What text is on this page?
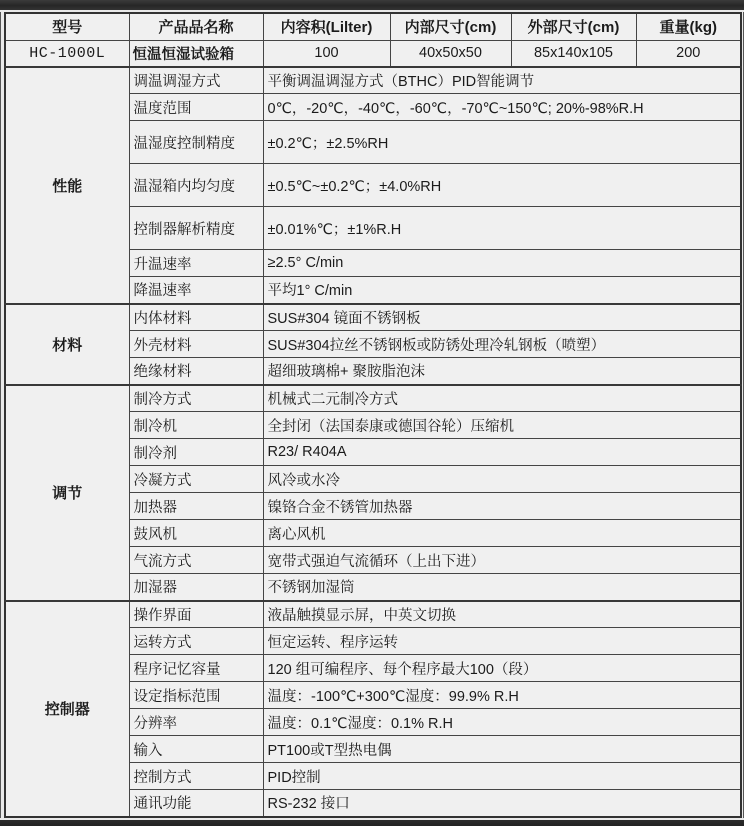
型号	产品品名称	内容积(Lilter)	内部尺寸(cm)	外部尺寸(cm)	重量(kg)
HC-1000L	恒温恒湿试验箱	100	40x50x50	85x140x105	200
性能	调温调湿方式	平衡调温调湿方式（BTHC）PID智能调节			
	温度范围	0℃，-20℃，-40℃，-60℃，-70℃~150℃; 20%-98%R.H			
	温湿度控制精度	±0.2℃；±2.5%RH			
	温湿箱内均匀度	±0.5℃~±0.2℃；±4.0%RH			
	控制器解析精度	±0.01%℃；±1%R.H			
	升温速率	≥2.5° C/min			
	降温速率	平均1° C/min			
材料	内体材料	SUS#304 镜面不锈钢板			
	外壳材料	SUS#304拉丝不锈钢板或防锈处理冷轧钢板（喷塑）			
	绝缘材料	超细玻璃棉+ 聚胺脂泡沫			
调节	制冷方式	机械式二元制冷方式			
	制冷机	全封闭（法国泰康或德国谷轮）压缩机			
	制冷剂	R23/ R404A			
	冷凝方式	风冷或水冷			
	加热器	镍铬合金不锈管加热器			
	鼓风机	离心风机			
	气流方式	宽带式强迫气流循环（上出下进）			
	加湿器	不锈钢加湿筒			
控制器	操作界面	液晶触摸显示屏，中英文切换			
	运转方式	恒定运转、程序运转			
	程序记忆容量	120 组可编程序、每个程序最大100（段）			
	设定指标范围	温度：-100℃+300℃湿度：99.9% R.H			
	分辨率	温度：0.1℃湿度：0.1% R.H			
	输入	PT100或T型热电偶			
	控制方式	PID控制			
	通讯功能	RS-232 接口			
